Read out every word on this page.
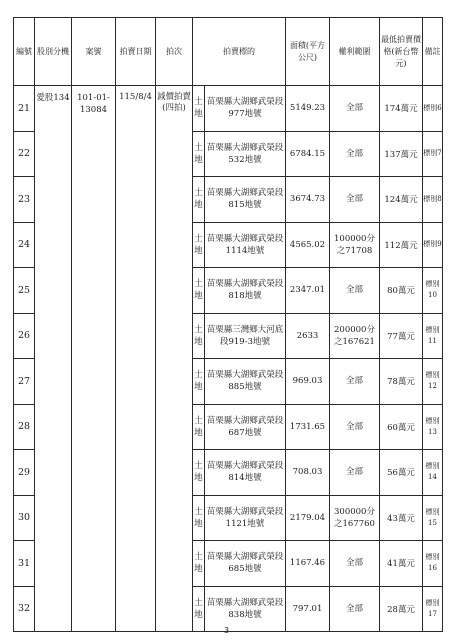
編號	股別分機	案號	拍賣日期	拍次	拍賣標的		面積(平方公尺)	權利範圍	最低拍賣價格(新台幣元)	備註
21	愛股134	101-01-13084	115/8/4	減價拍賣(四拍)	土地	苗栗縣大湖鄉武榮段977地號	5149.23	全部	174萬元	標別6
22					土地	苗栗縣大湖鄉武榮段532地號	6784.15	全部	137萬元	標別7
23					土地	苗栗縣大湖鄉武榮段815地號	3674.73	全部	124萬元	標別8
24					土地	苗栗縣大湖鄉武榮段1114地號	4565.02	100000分之71708	112萬元	標別9
25					土地	苗栗縣大湖鄉武榮段818地號	2347.01	全部	80萬元	標別10
26					土地	苗栗縣三灣鄉大河底段919-3地號	2633	200000分之167621	77萬元	標別11
27					土地	苗栗縣大湖鄉武榮段885地號	969.03	全部	78萬元	標別12
28					土地	苗栗縣大湖鄉武榮段687地號	1731.65	全部	60萬元	標別13
29					土地	苗栗縣大湖鄉武榮段814地號	708.03	全部	56萬元	標別14
30					土地	苗栗縣大湖鄉武榮段1121地號	2179.04	300000分之167760	43萬元	標別15
31					土地	苗栗縣大湖鄉武榮段685地號	1167.46	全部	41萬元	標別16
32					土地	苗栗縣大湖鄉武榮段838地號	797.01	全部	28萬元	標別17
3
